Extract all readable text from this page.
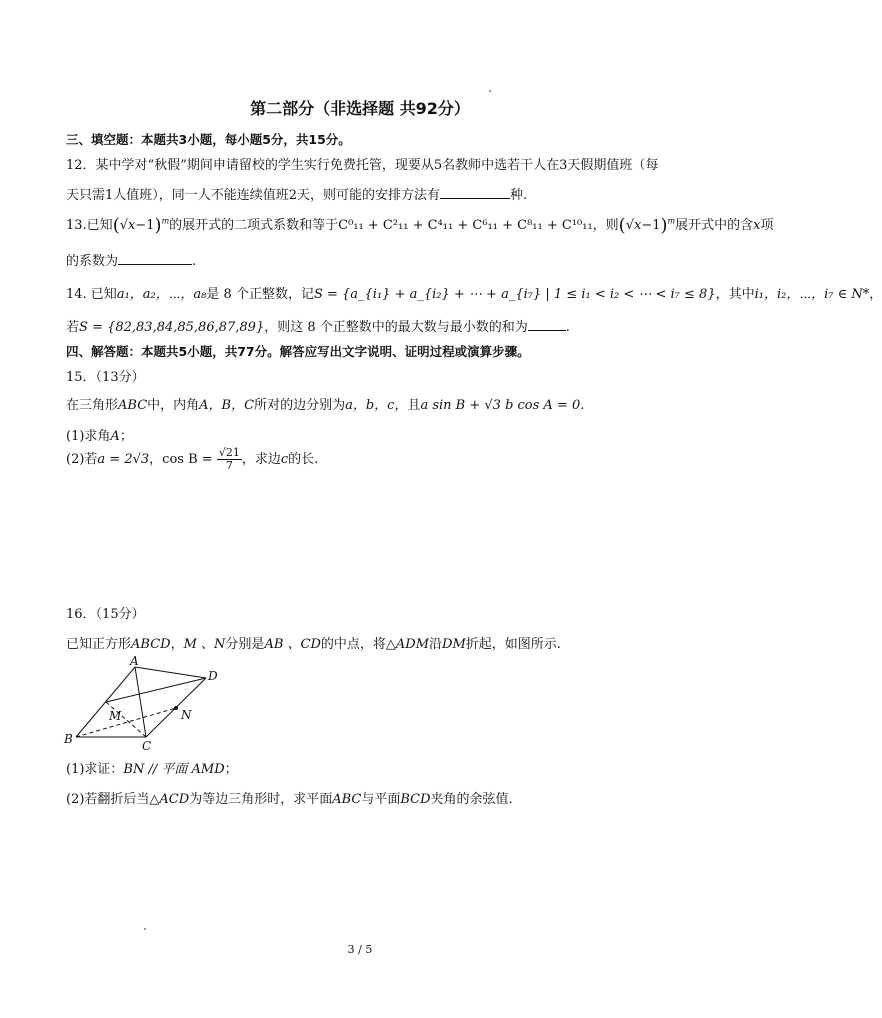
第二部分（非选择题 共92分）
三、填空题：本题共3小题，每小题5分，共15分。
12．某中学对“秋假”期间申请留校的学生实行免费托管，现要从5名教师中选若干人在3天假期值班（每
天只需1人值班），同一人不能连续值班2天，则可能的安排方法有	种.
13.已知$(√x-1)^m$的展开式的二项式系数和等于C⁰₁₁ + C²₁₁ + C⁴₁₁ + C⁶₁₁ + C⁸₁₁ + C¹⁰₁₁，则$(√x-1)^m$展开式中的含x项
的系数为	.
14. 已知a₁，a₂，⋯，a₈是 8 个正整数，记S = {a_{i₁} + a_{i₂} + ⋯ + a_{i₇} | 1 ≤ i₁ < i₂ < ⋯ < i₇ ≤ 8}，其中i₁，i₂，⋯，i₇ ∈ N*，
若S = {82,83,84,85,86,87,89}，则这 8 个正整数中的最大数与最小数的和为	.
四、解答题：本题共5小题，共77分。解答应写出文字说明、证明过程或演算步骤。
15．（13分）
在三角形ABC中，内角A，B，C所对的边分别为a，b，c，且a sin B + √3 b cos A = 0.
(1)求角A；
(2)若a = 2√3，$\cos B = \frac{√21}{7}$ ，求边c的长.
16．（15分）
已知正方形ABCD，M 、N分别是AB 、CD的中点，将△ADM沿DM折起，如图所示.
A
B	C
D
M	N
(1)求证：BN // 平面 AMD；
(2)若翻折后当△ACD为等边三角形时，求平面ABC与平面BCD夹角的余弦值.
3 / 5
